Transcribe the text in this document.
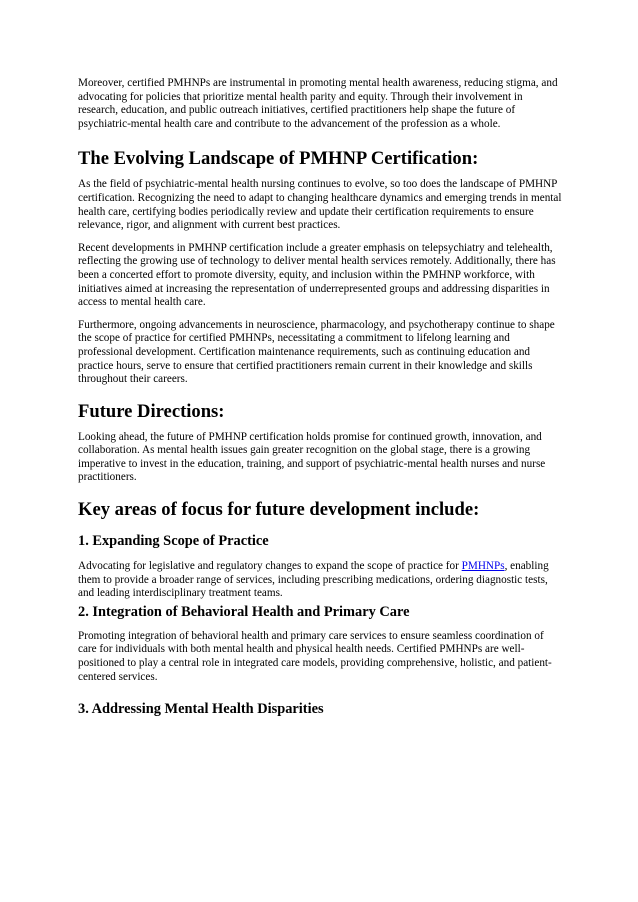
Moreover, certified PMHNPs are instrumental in promoting mental health awareness, reducing stigma, and advocating for policies that prioritize mental health parity and equity. Through their involvement in research, education, and public outreach initiatives, certified practitioners help shape the future of psychiatric-mental health care and contribute to the advancement of the profession as a whole.

The Evolving Landscape of PMHNP Certification:

As the field of psychiatric-mental health nursing continues to evolve, so too does the landscape of PMHNP certification. Recognizing the need to adapt to changing healthcare dynamics and emerging trends in mental health care, certifying bodies periodically review and update their certification requirements to ensure relevance, rigor, and alignment with current best practices.

Recent developments in PMHNP certification include a greater emphasis on telepsychiatry and telehealth, reflecting the growing use of technology to deliver mental health services remotely. Additionally, there has been a concerted effort to promote diversity, equity, and inclusion within the PMHNP workforce, with initiatives aimed at increasing the representation of underrepresented groups and addressing disparities in access to mental health care.

Furthermore, ongoing advancements in neuroscience, pharmacology, and psychotherapy continue to shape the scope of practice for certified PMHNPs, necessitating a commitment to lifelong learning and professional development. Certification maintenance requirements, such as continuing education and practice hours, serve to ensure that certified practitioners remain current in their knowledge and skills throughout their careers.

Future Directions:

Looking ahead, the future of PMHNP certification holds promise for continued growth, innovation, and collaboration. As mental health issues gain greater recognition on the global stage, there is a growing imperative to invest in the education, training, and support of psychiatric-mental health nurses and nurse practitioners.

Key areas of focus for future development include:
1. Expanding Scope of Practice

Advocating for legislative and regulatory changes to expand the scope of practice for PMHNPs, enabling them to provide a broader range of services, including prescribing medications, ordering diagnostic tests, and leading interdisciplinary treatment teams.

2. Integration of Behavioral Health and Primary Care

Promoting integration of behavioral health and primary care services to ensure seamless coordination of care for individuals with both mental health and physical health needs. Certified PMHNPs are well-positioned to play a central role in integrated care models, providing comprehensive, holistic, and patient-centered services.

3. Addressing Mental Health Disparities
